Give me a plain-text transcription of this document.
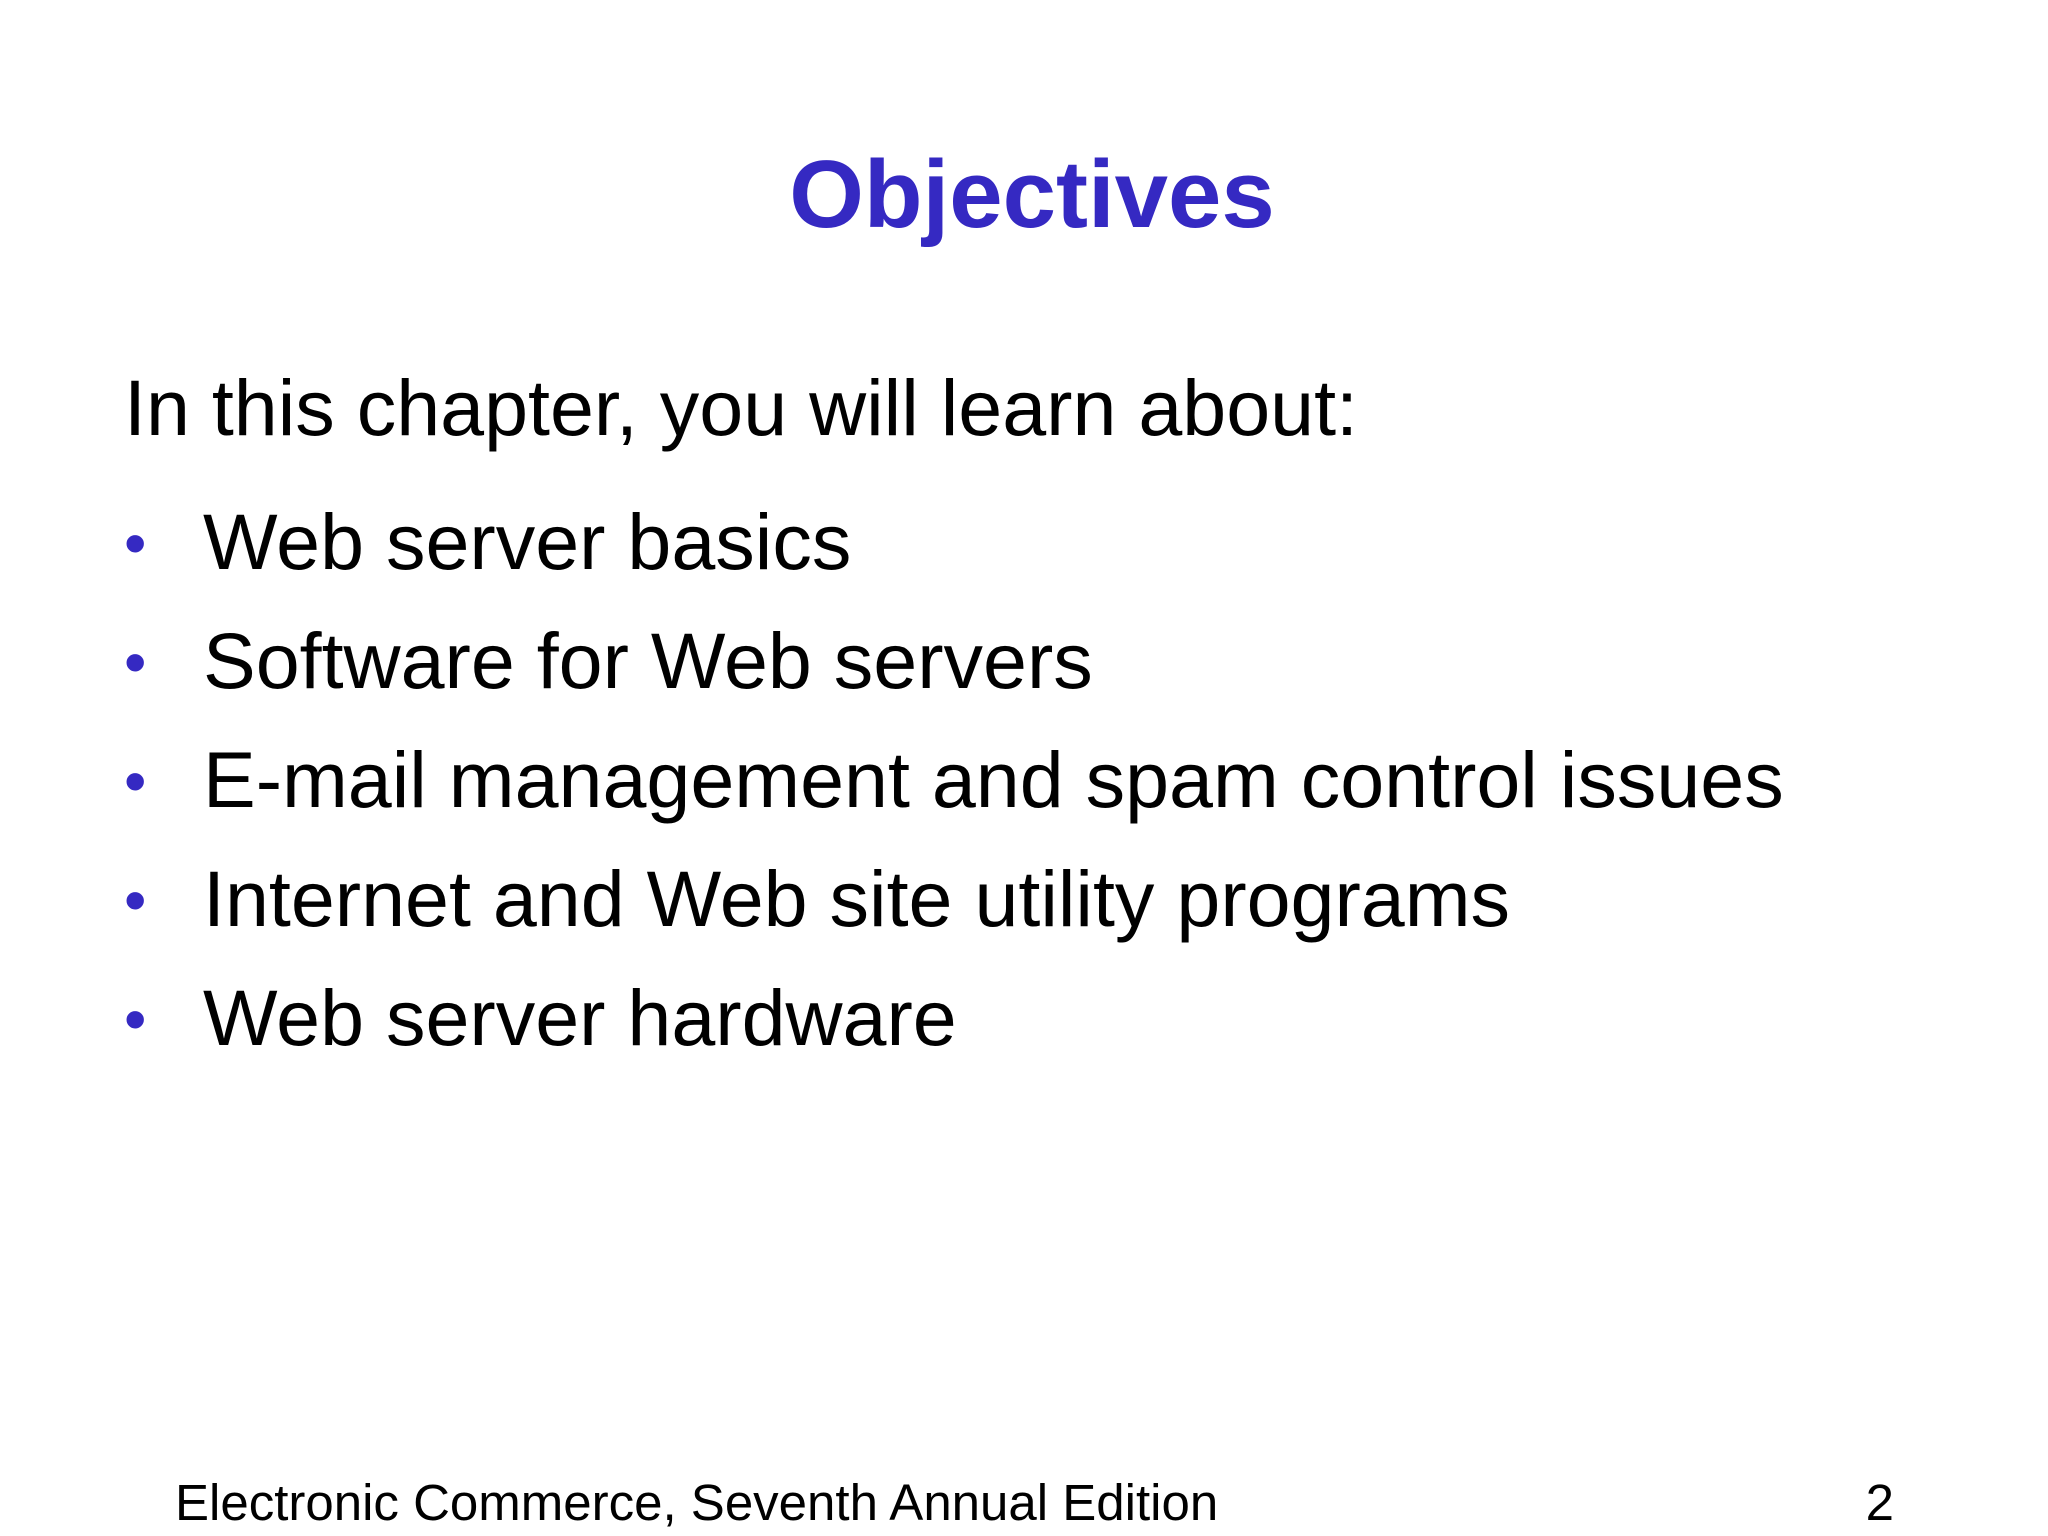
Objectives
In this chapter, you will learn about:
• Web server basics
• Software for Web servers
• E-mail management and spam control issues
• Internet and Web site utility programs
• Web server hardware
Electronic Commerce, Seventh Annual Edition	2
